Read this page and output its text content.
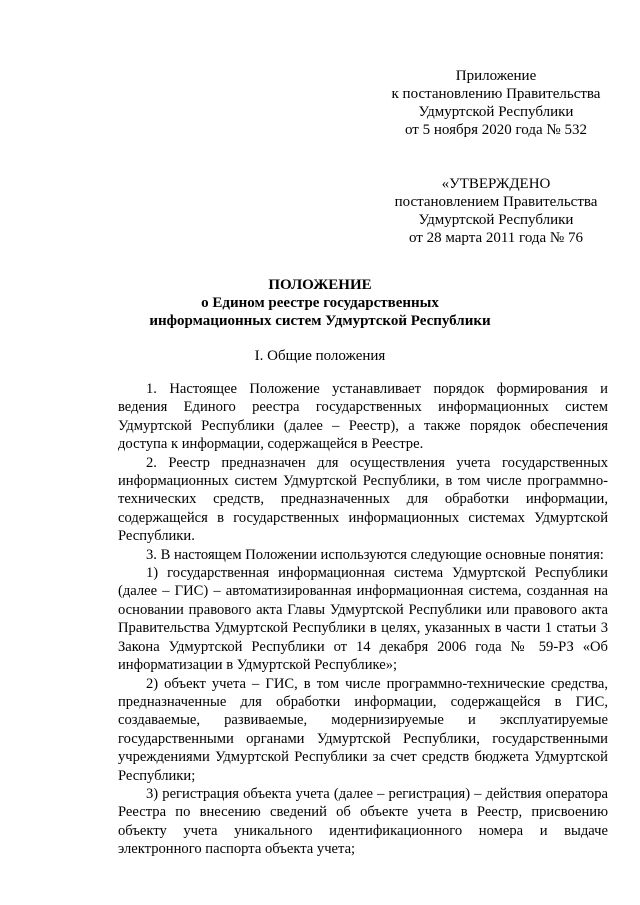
Приложение
к постановлению Правительства
Удмуртской Республики
от 5 ноября 2020 года № 532
«УТВЕРЖДЕНО
постановлением Правительства
Удмуртской Республики
от 28 марта 2011 года № 76
ПОЛОЖЕНИЕ
о Едином реестре государственных
информационных систем Удмуртской Республики
I. Общие положения

1. Настоящее Положение устанавливает порядок формирования и ведения Единого реестра государственных информационных систем Удмуртской Республики (далее – Реестр), а также порядок обеспечения доступа к информации, содержащейся в Реестре.

2. Реестр предназначен для осуществления учета государственных информационных систем Удмуртской Республики, в том числе программно-технических средств, предназначенных для обработки информации, содержащейся в государственных информационных системах Удмуртской Республики.

3. В настоящем Положении используются следующие основные понятия:

1) государственная информационная система Удмуртской Республики (далее – ГИС) – автоматизированная информационная система, созданная на основании правового акта Главы Удмуртской Республики или правового акта Правительства Удмуртской Республики в целях, указанных в части 1 статьи 3 Закона Удмуртской Республики от 14 декабря 2006 года № 59-РЗ «Об информатизации в Удмуртской Республике»;

2) объект учета – ГИС, в том числе программно-технические средства, предназначенные для обработки информации, содержащейся в ГИС, создаваемые, развиваемые, модернизируемые и эксплуатируемые государственными органами Удмуртской Республики, государственными учреждениями Удмуртской Республики за счет средств бюджета Удмуртской Республики;

3) регистрация объекта учета (далее – регистрация) – действия оператора Реестра по внесению сведений об объекте учета в Реестр, присвоению объекту учета уникального идентификационного номера и выдаче электронного паспорта объекта учета;
